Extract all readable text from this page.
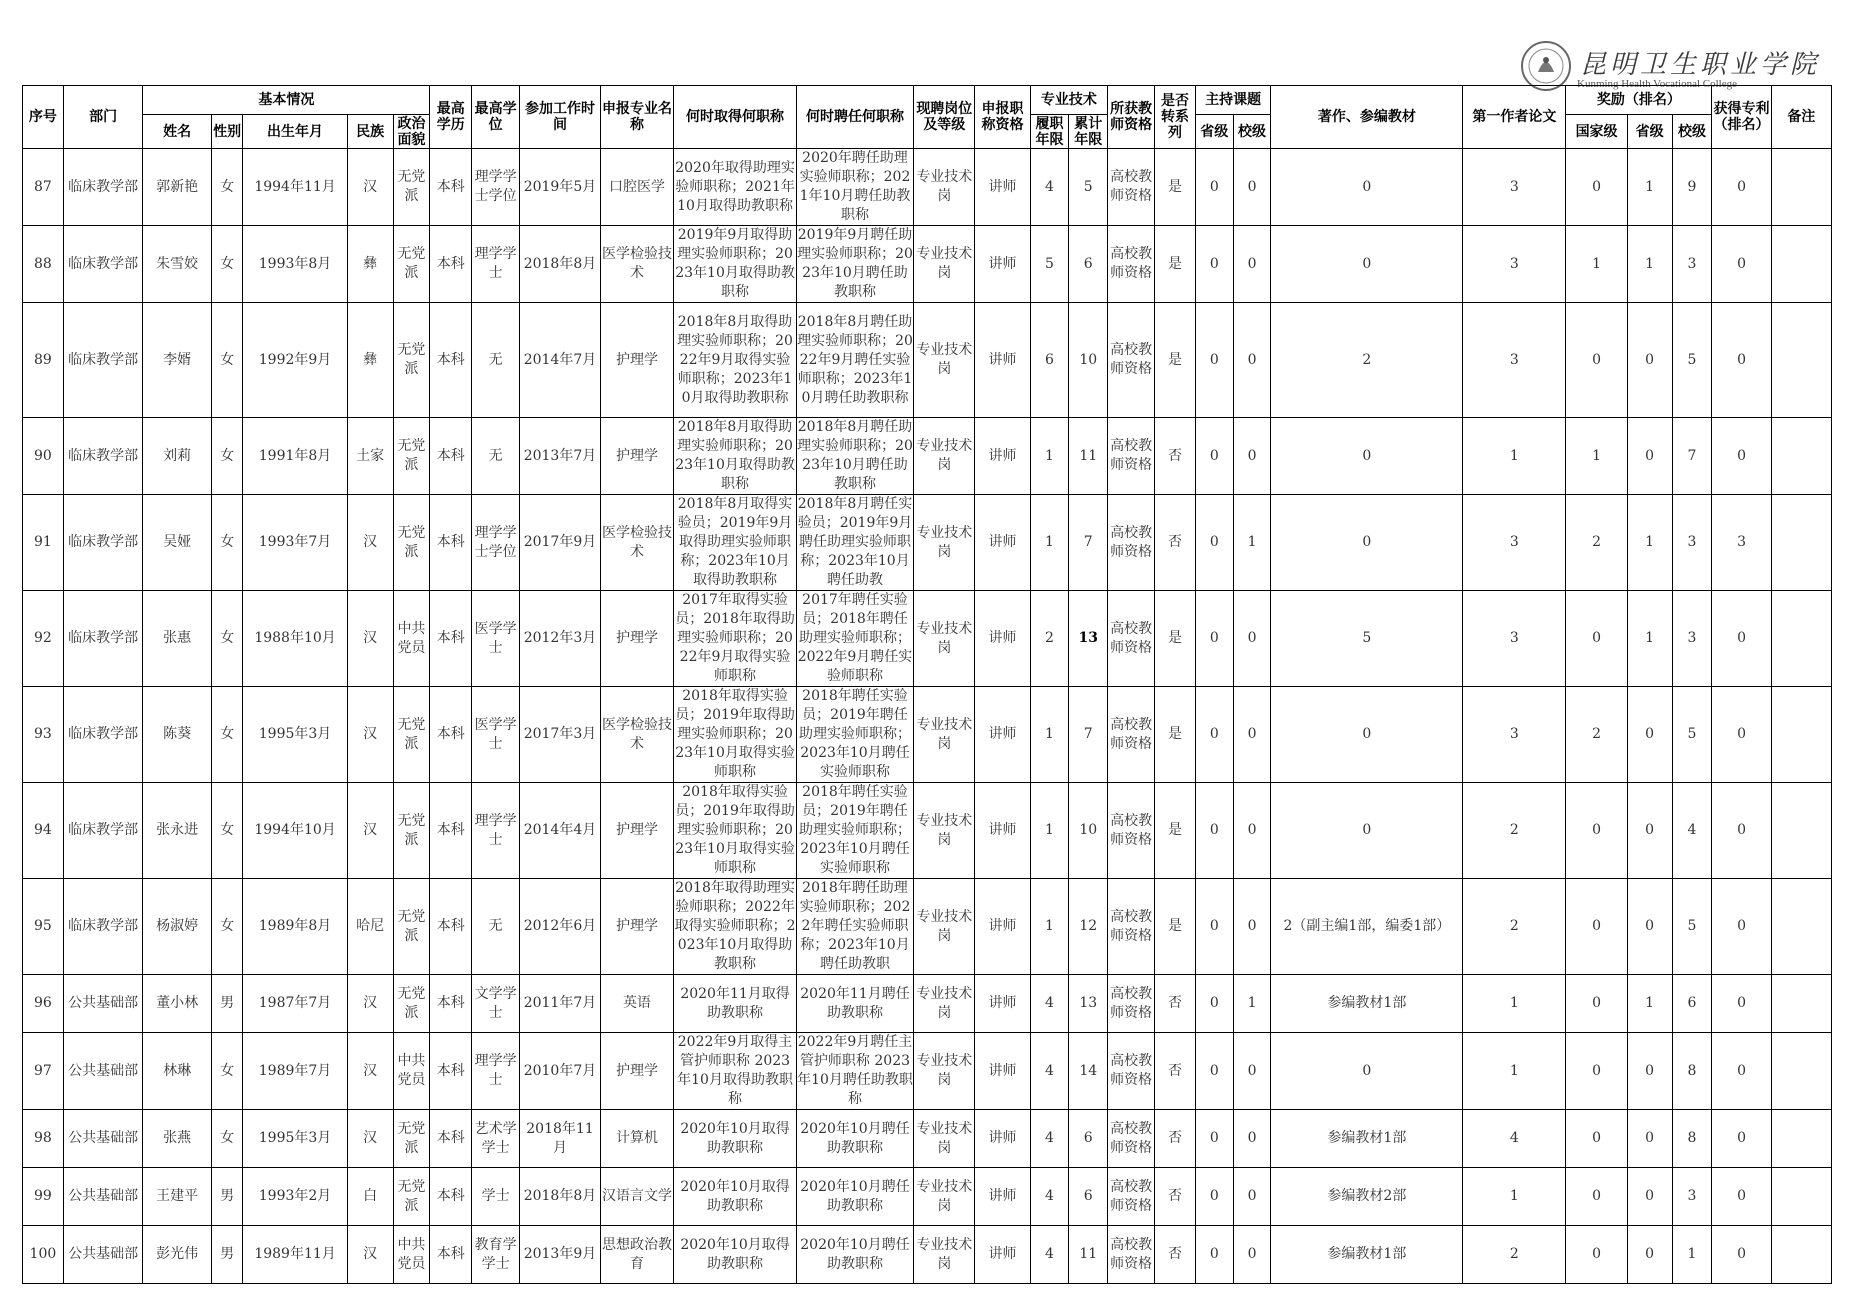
昆明卫生职业学院
Kunming Health Vocational College
序号	部门	基本情况					最高学历	最高学位	参加工作时间	申报专业名称	何时取得何职称	何时聘任何职称	现聘岗位及等级	申报职称资格	专业技术		所获教师资格	是否转系列	主持课题		著作、参编教材	第一作者论文	奖励（排名）			获得专利（排名）	备注
		姓名	性别	出生年月	民族	政治面貌									履职年限	累计年限			省级	校级			国家级	省级	校级		
87	临床教学部	郭新艳	女	1994年11月	汉	无党派	本科	理学学士学位	2019年5月	口腔医学	2020年取得助理实验师职称；2021年10月取得助教职称	2020年聘任助理实验师职称；2021年10月聘任助教职称	专业技术岗	讲师	4	5	高校教师资格	是	0	0	0	3	0	1	9	0	
88	临床教学部	朱雪姣	女	1993年8月	彝	无党派	本科	理学学士	2018年8月	医学检验技术	2019年9月取得助理实验师职称；2023年10月取得助教职称	2019年9月聘任助理实验师职称；2023年10月聘任助教职称	专业技术岗	讲师	5	6	高校教师资格	是	0	0	0	3	1	1	3	0	
89	临床教学部	李婿	女	1992年9月	彝	无党派	本科	无	2014年7月	护理学	2018年8月取得助理实验师职称；2022年9月取得实验师职称；2023年10月取得助教职称	2018年8月聘任助理实验师职称；2022年9月聘任实验师职称；2023年10月聘任助教职称	专业技术岗	讲师	6	10	高校教师资格	是	0	0	2	3	0	0	5	0	
90	临床教学部	刘莉	女	1991年8月	土家	无党派	本科	无	2013年7月	护理学	2018年8月取得助理实验师职称；2023年10月取得助教职称	2018年8月聘任助理实验师职称；2023年10月聘任助教职称	专业技术岗	讲师	1	11	高校教师资格	否	0	0	0	1	1	0	7	0	
91	临床教学部	吴娅	女	1993年7月	汉	无党派	本科	理学学士学位	2017年9月	医学检验技术	2018年8月取得实验员；2019年9月取得助理实验师职称；2023年10月取得助教职称	2018年8月聘任实验员；2019年9月聘任助理实验师职称；2023年10月聘任助教	专业技术岗	讲师	1	7	高校教师资格	否	0	1	0	3	2	1	3	3	
92	临床教学部	张惠	女	1988年10月	汉	中共党员	本科	医学学士	2012年3月	护理学	2017年取得实验员；2018年取得助理实验师职称；2022年9月取得实验师职称	2017年聘任实验员；2018年聘任助理实验师职称；2022年9月聘任实验师职称	专业技术岗	讲师	2	13	高校教师资格	是	0	0	5	3	0	1	3	0	
93	临床教学部	陈葵	女	1995年3月	汉	无党派	本科	医学学士	2017年3月	医学检验技术	2018年取得实验员；2019年取得助理实验师职称；2023年10月取得实验师职称	2018年聘任实验员；2019年聘任助理实验师职称；2023年10月聘任实验师职称	专业技术岗	讲师	1	7	高校教师资格	是	0	0	0	3	2	0	5	0	
94	临床教学部	张永进	女	1994年10月	汉	无党派	本科	理学学士	2014年4月	护理学	2018年取得实验员；2019年取得助理实验师职称；2023年10月取得实验师职称	2018年聘任实验员；2019年聘任助理实验师职称；2023年10月聘任实验师职称	专业技术岗	讲师	1	10	高校教师资格	是	0	0	0	2	0	0	4	0	
95	临床教学部	杨淑婷	女	1989年8月	哈尼	无党派	本科	无	2012年6月	护理学	2018年取得助理实验师职称；2022年取得实验师职称；2023年10月取得助教职称	2018年聘任助理实验师职称；2022年聘任实验师职称；2023年10月聘任助教职	专业技术岗	讲师	1	12	高校教师资格	是	0	0	2（副主编1部，编委1部）	2	0	0	5	0	
96	公共基础部	董小林	男	1987年7月	汉	无党派	本科	文学学士	2011年7月	英语	2020年11月取得助教职称	2020年11月聘任助教职称	专业技术岗	讲师	4	13	高校教师资格	否	0	1	参编教材1部	1	0	1	6	0	
97	公共基础部	林琳	女	1989年7月	汉	中共党员	本科	理学学士	2010年7月	护理学	2022年9月取得主管护师职称 2023年10月取得助教职称	2022年9月聘任主管护师职称 2023年10月聘任助教职称	专业技术岗	讲师	4	14	高校教师资格	否	0	0	0	1	0	0	8	0	
98	公共基础部	张燕	女	1995年3月	汉	无党派	本科	艺术学学士	2018年11月	计算机	2020年10月取得助教职称	2020年10月聘任助教职称	专业技术岗	讲师	4	6	高校教师资格	否	0	0	参编教材1部	4	0	0	8	0	
99	公共基础部	王建平	男	1993年2月	白	无党派	本科	学士	2018年8月	汉语言文学	2020年10月取得助教职称	2020年10月聘任助教职称	专业技术岗	讲师	4	6	高校教师资格	否	0	0	参编教材2部	1	0	0	3	0	
100	公共基础部	彭光伟	男	1989年11月	汉	中共党员	本科	教育学学士	2013年9月	思想政治教育	2020年10月取得助教职称	2020年10月聘任助教职称	专业技术岗	讲师	4	11	高校教师资格	否	0	0	参编教材1部	2	0	0	1	0	
